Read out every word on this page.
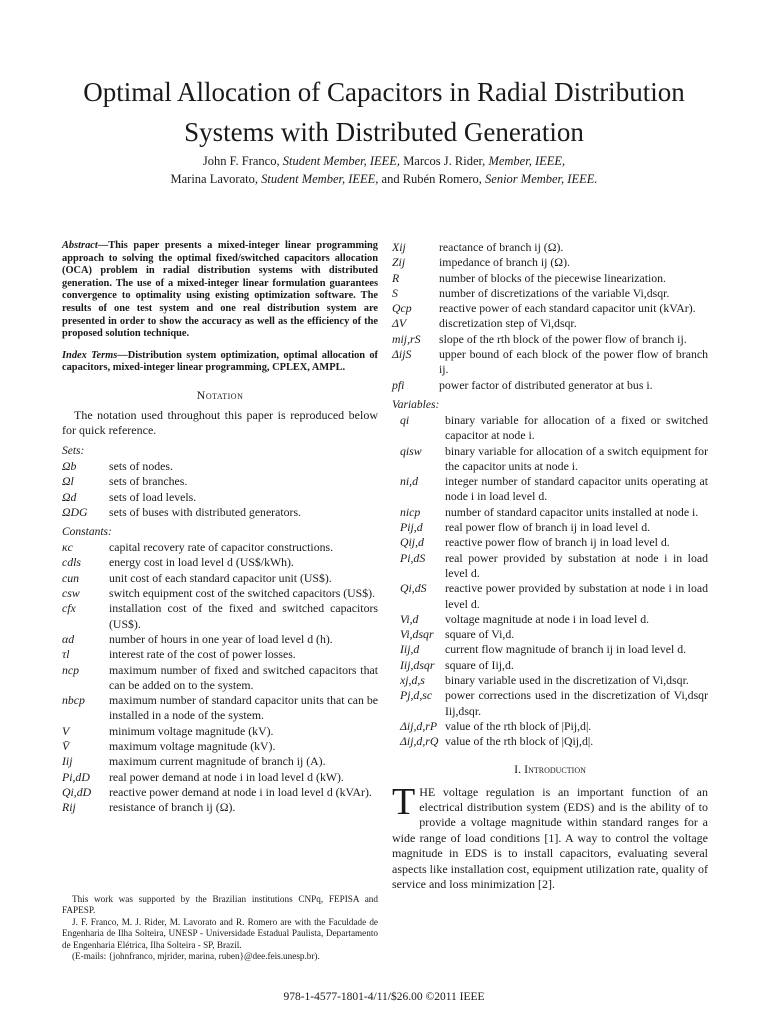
Optimal Allocation of Capacitors in Radial Distribution Systems with Distributed Generation
John F. Franco, Student Member, IEEE, Marcos J. Rider, Member, IEEE,
Marina Lavorato, Student Member, IEEE, and Rubén Romero, Senior Member, IEEE.

Abstract—This paper presents a mixed-integer linear programming approach to solving the optimal fixed/switched capacitors allocation (OCA) problem in radial distribution systems with distributed generation. The use of a mixed-integer linear formulation guarantees convergence to optimality using existing optimization software. The results of one test system and one real distribution system are presented in order to show the accuracy as well as the efficiency of the proposed solution technique.

Index Terms—Distribution system optimization, optimal allocation of capacitors, mixed-integer linear programming, CPLEX, AMPL.

Notation

The notation used throughout this paper is reproduced below for quick reference.

Sets:
Ωb	sets of nodes.
Ωl	sets of branches.
Ωd	sets of load levels.
ΩDG	sets of buses with distributed generators.
Constants:
κc	capital recovery rate of capacitor constructions.
cdls	energy cost in load level d (US$/kWh).
cun	unit cost of each standard capacitor unit (US$).
csw	switch equipment cost of the switched capacitors (US$).
cfx	installation cost of the fixed and switched capacitors (US$).
αd	number of hours in one year of load level d (h).
τl	interest rate of the cost of power losses.
ncp	maximum number of fixed and switched capacitors that can be added on to the system.
nbcp	maximum number of standard capacitor units that can be installed in a node of the system.
V	minimum voltage magnitude (kV).
V̄	maximum voltage magnitude (kV).
Iij	maximum current magnitude of branch ij (A).
Pi,dD	real power demand at node i in load level d (kW).
Qi,dD	reactive power demand at node i in load level d (kVAr).
Rij	resistance of branch ij (Ω).

This work was supported by the Brazilian institutions CNPq, FEPISA and FAPESP.

J. F. Franco, M. J. Rider, M. Lavorato and R. Romero are with the Faculdade de Engenharia de Ilha Solteira, UNESP - Universidade Estadual Paulista, Departamento de Engenharia Elétrica, Ilha Solteira - SP, Brazil.

(E-mails: {johnfranco, mjrider, marina, ruben}@dee.feis.unesp.br).

Xij	reactance of branch ij (Ω).
Zij	impedance of branch ij (Ω).
R	number of blocks of the piecewise linearization.
S	number of discretizations of the variable Vi,dsqr.
Qcp	reactive power of each standard capacitor unit (kVAr).
ΔV	discretization step of Vi,dsqr.
mij,rS	slope of the rth block of the power flow of branch ij.
ΔijS	upper bound of each block of the power flow of branch ij.
pfi	power factor of distributed generator at bus i.
Variables:
qi	binary variable for allocation of a fixed or switched capacitor at node i.
qisw	binary variable for allocation of a switch equipment for the capacitor units at node i.
ni,d	integer number of standard capacitor units operating at node i in load level d.
nicp	number of standard capacitor units installed at node i.
Pij,d	real power flow of branch ij in load level d.
Qij,d	reactive power flow of branch ij in load level d.
Pi,dS	real power provided by substation at node i in load level d.
Qi,dS	reactive power provided by substation at node i in load level d.
Vi,d	voltage magnitude at node i in load level d.
Vi,dsqr square of Vi,d.
Iij,d	current flow magnitude of branch ij in load level d.
Iij,dsqr square of Iij,d.
xj,d,s	binary variable used in the discretization of Vi,dsqr.
Pj,d,sc	power corrections used in the discretization of Vi,dsqr Iij,dsqr.
Δij,d,rP value of the rth block of |Pij,d|.
Δij,d,rQ value of the rth block of |Qij,d|.
I. Introduction

THE voltage regulation is an important function of an electrical distribution system (EDS) and is the ability of to provide a voltage magnitude within standard ranges for a wide range of load conditions [1]. A way to control the voltage magnitude in EDS is to install capacitors, evaluating several aspects like installation cost, equipment utilization rate, quality of service and loss minimization [2].

978-1-4577-1801-4/11/$26.00 ©2011 IEEE
